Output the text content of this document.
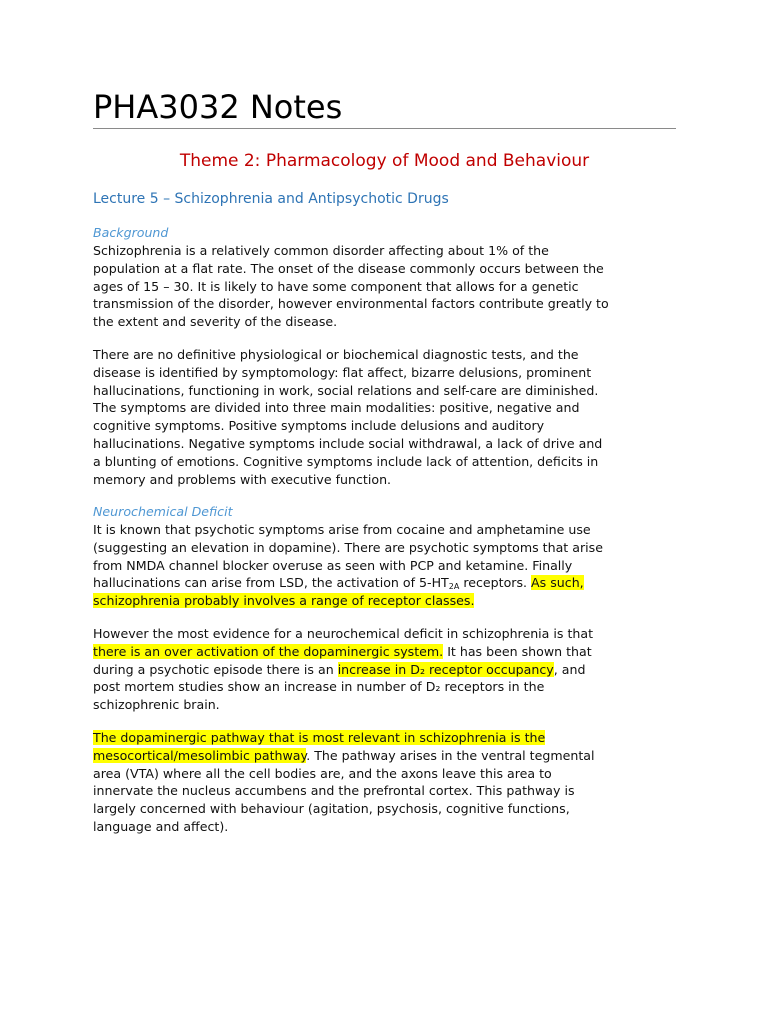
PHA3032 Notes
Theme 2: Pharmacology of Mood and Behaviour
Lecture 5 – Schizophrenia and Antipsychotic Drugs
Background
Schizophrenia is a relatively common disorder affecting about 1% of the
population at a flat rate. The onset of the disease commonly occurs between the
ages of 15 – 30. It is likely to have some component that allows for a genetic
transmission of the disorder, however environmental factors contribute greatly to
the extent and severity of the disease.
There are no definitive physiological or biochemical diagnostic tests, and the
disease is identified by symptomology: flat affect, bizarre delusions, prominent
hallucinations, functioning in work, social relations and self-care are diminished.
The symptoms are divided into three main modalities: positive, negative and
cognitive symptoms. Positive symptoms include delusions and auditory
hallucinations. Negative symptoms include social withdrawal, a lack of drive and
a blunting of emotions. Cognitive symptoms include lack of attention, deficits in
memory and problems with executive function.
Neurochemical Deficit
It is known that psychotic symptoms arise from cocaine and amphetamine use
(suggesting an elevation in dopamine). There are psychotic symptoms that arise
from NMDA channel blocker overuse as seen with PCP and ketamine. Finally
hallucinations can arise from LSD, the activation of $5-HT_{2A}$ receptors. As such,
schizophrenia probably involves a range of receptor classes.
However the most evidence for a neurochemical deficit in schizophrenia is that
there is an over activation of the dopaminergic system. It has been shown that
during a psychotic episode there is an increase in D₂ receptor occupancy, and
post mortem studies show an increase in number of D₂ receptors in the
schizophrenic brain.
The dopaminergic pathway that is most relevant in schizophrenia is the
mesocortical/mesolimbic pathway. The pathway arises in the ventral tegmental
area (VTA) where all the cell bodies are, and the axons leave this area to
innervate the nucleus accumbens and the prefrontal cortex. This pathway is
largely concerned with behaviour (agitation, psychosis, cognitive functions,
language and affect).
